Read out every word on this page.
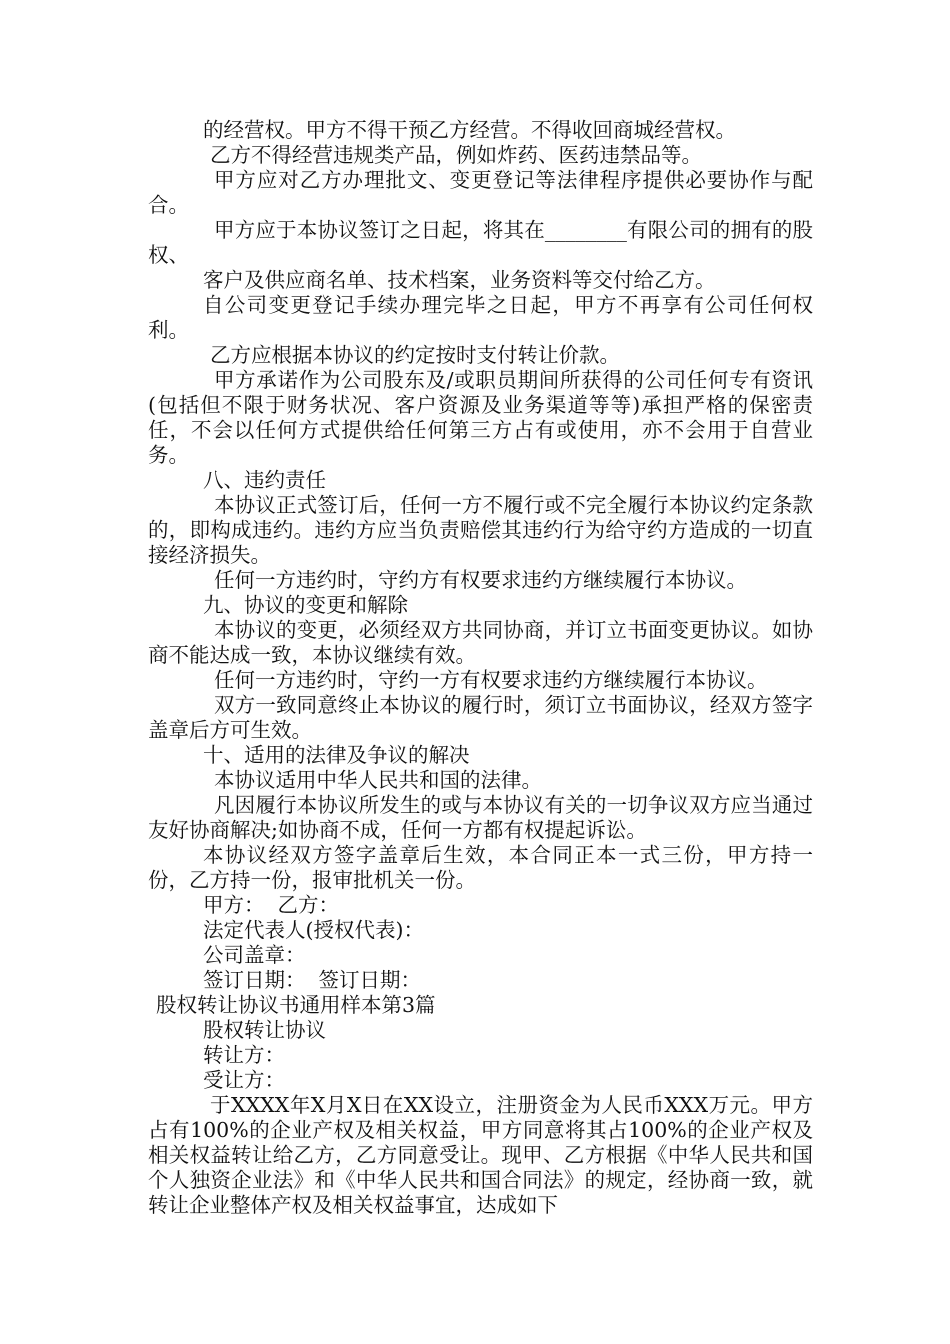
的经营权。甲方不得干预乙方经营。不得收回商城经营权。

乙方不得经营违规类产品，例如炸药、医药违禁品等。

甲方应对乙方办理批文、变更登记等法律程序提供必要协作与配合。

甲方应于本协议签订之日起，将其在________有限公司的拥有的股权、

客户及供应商名单、技术档案，业务资料等交付给乙方。

自公司变更登记手续办理完毕之日起，甲方不再享有公司任何权利。

乙方应根据本协议的约定按时支付转让价款。

甲方承诺作为公司股东及/或职员期间所获得的公司任何专有资讯(包括但不限于财务状况、客户资源及业务渠道等等)承担严格的保密责任，不会以任何方式提供给任何第三方占有或使用，亦不会用于自营业务。

八、违约责任

本协议正式签订后，任何一方不履行或不完全履行本协议约定条款的，即构成违约。违约方应当负责赔偿其违约行为给守约方造成的一切直接经济损失。

任何一方违约时，守约方有权要求违约方继续履行本协议。

九、协议的变更和解除

本协议的变更，必须经双方共同协商，并订立书面变更协议。如协商不能达成一致，本协议继续有效。

任何一方违约时，守约一方有权要求违约方继续履行本协议。

双方一致同意终止本协议的履行时，须订立书面协议，经双方签字盖章后方可生效。

十、适用的法律及争议的解决

本协议适用中华人民共和国的法律。

凡因履行本协议所发生的或与本协议有关的一切争议双方应当通过友好协商解决;如协商不成，任何一方都有权提起诉讼。

本协议经双方签字盖章后生效，本合同正本一式三份，甲方持一份，乙方持一份，报审批机关一份。

甲方：  乙方：

法定代表人(授权代表)：

公司盖章：

签订日期：  签订日期：

股权转让协议书通用样本第3篇

股权转让协议

转让方：

受让方：

于XXXX年X月X日在XX设立，注册资金为人民币XXX万元。甲方占有100%的企业产权及相关权益，甲方同意将其占100%的企业产权及相关权益转让给乙方，乙方同意受让。现甲、乙方根据《中华人民共和国个人独资企业法》和《中华人民共和国合同法》的规定，经协商一致，就转让企业整体产权及相关权益事宜，达成如下
